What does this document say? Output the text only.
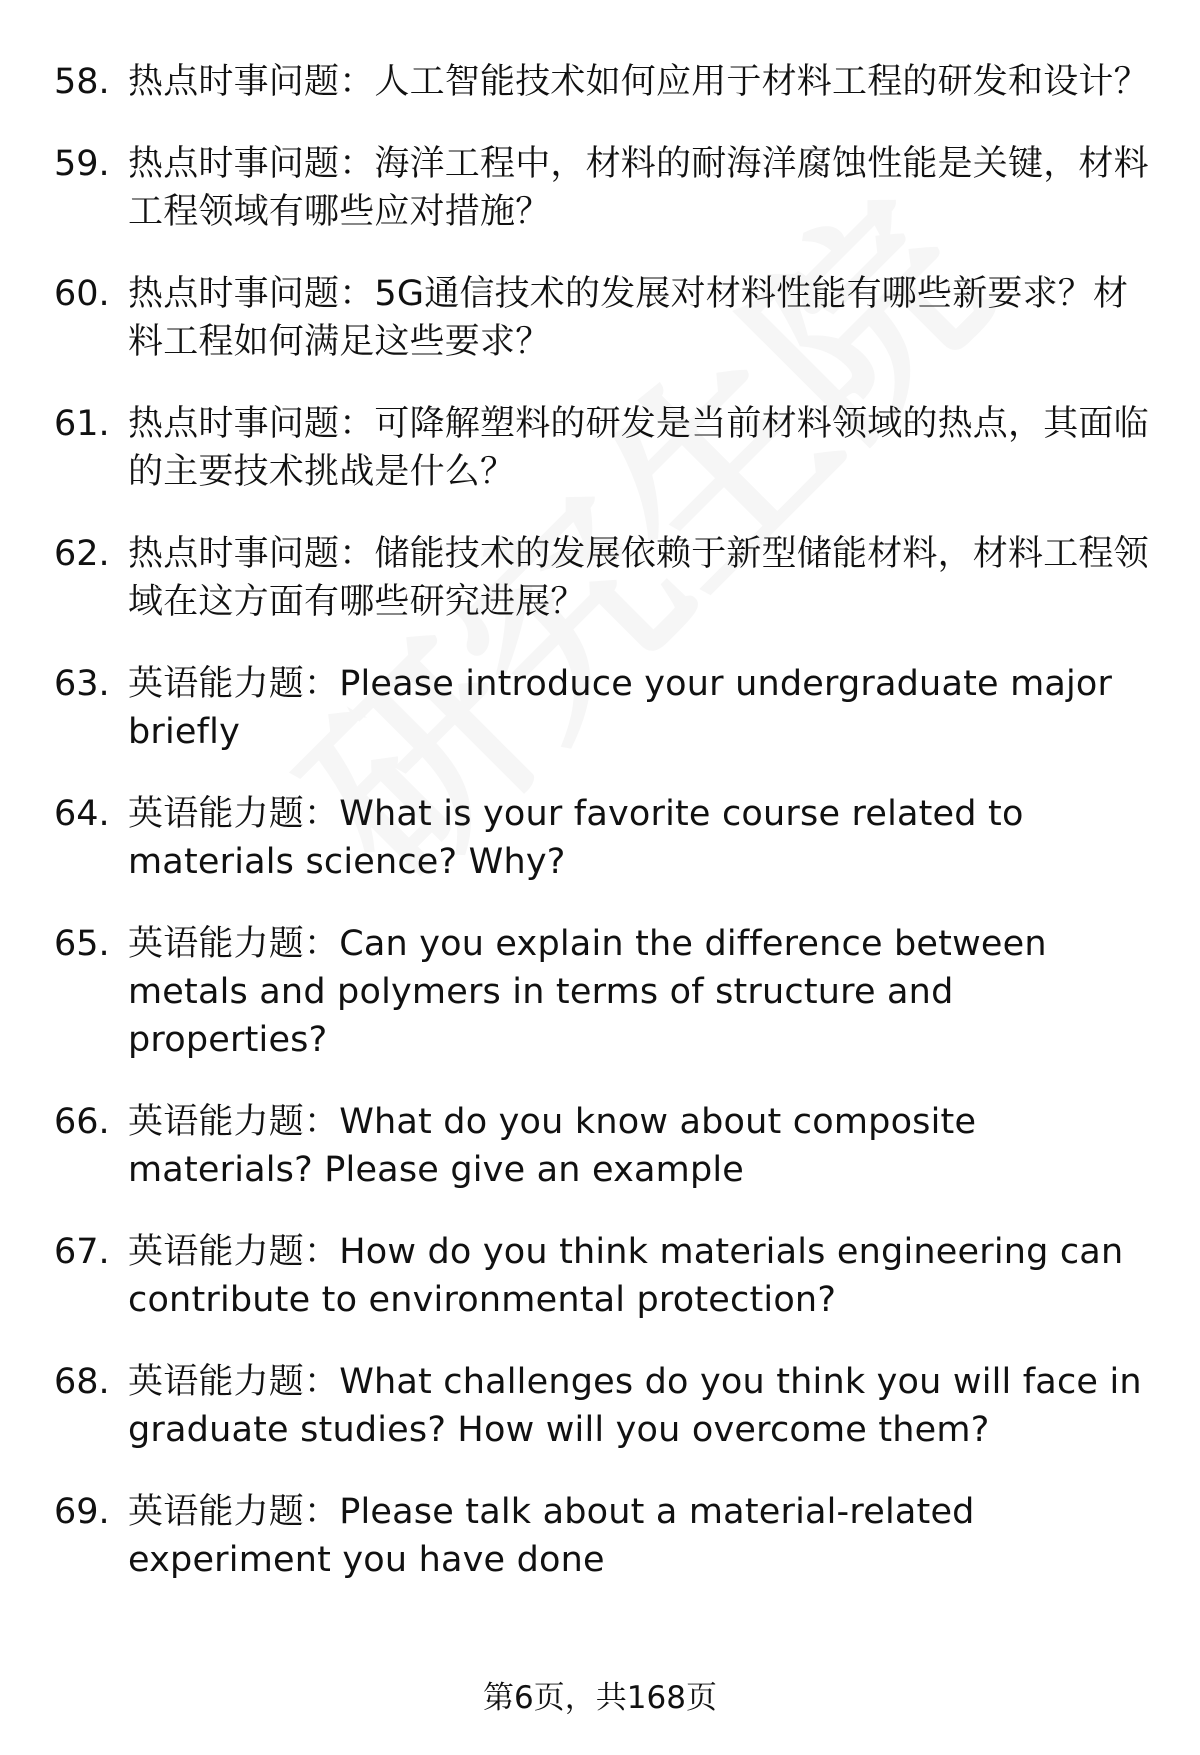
58. 热点时事问题：人工智能技术如何应用于材料工程的研发和设计？
59. 热点时事问题：海洋工程中，材料的耐海洋腐蚀性能是关键，材料工程领域有哪些应对措施？
60. 热点时事问题：5G通信技术的发展对材料性能有哪些新要求？材料工程如何满足这些要求？
61. 热点时事问题：可降解塑料的研发是当前材料领域的热点，其面临的主要技术挑战是什么？
62. 热点时事问题：储能技术的发展依赖于新型储能材料，材料工程领域在这方面有哪些研究进展？
63. 英语能力题：Please introduce your undergraduate major briefly
64. 英语能力题：What is your favorite course related to materials science? Why?
65. 英语能力题：Can you explain the difference between metals and polymers in terms of structure and properties?
66. 英语能力题：What do you know about composite materials? Please give an example
67. 英语能力题：How do you think materials engineering can contribute to environmental protection?
68. 英语能力题：What challenges do you think you will face in graduate studies? How will you overcome them?
69. 英语能力题：Please talk about a material-related experiment you have done
第6页，共168页
